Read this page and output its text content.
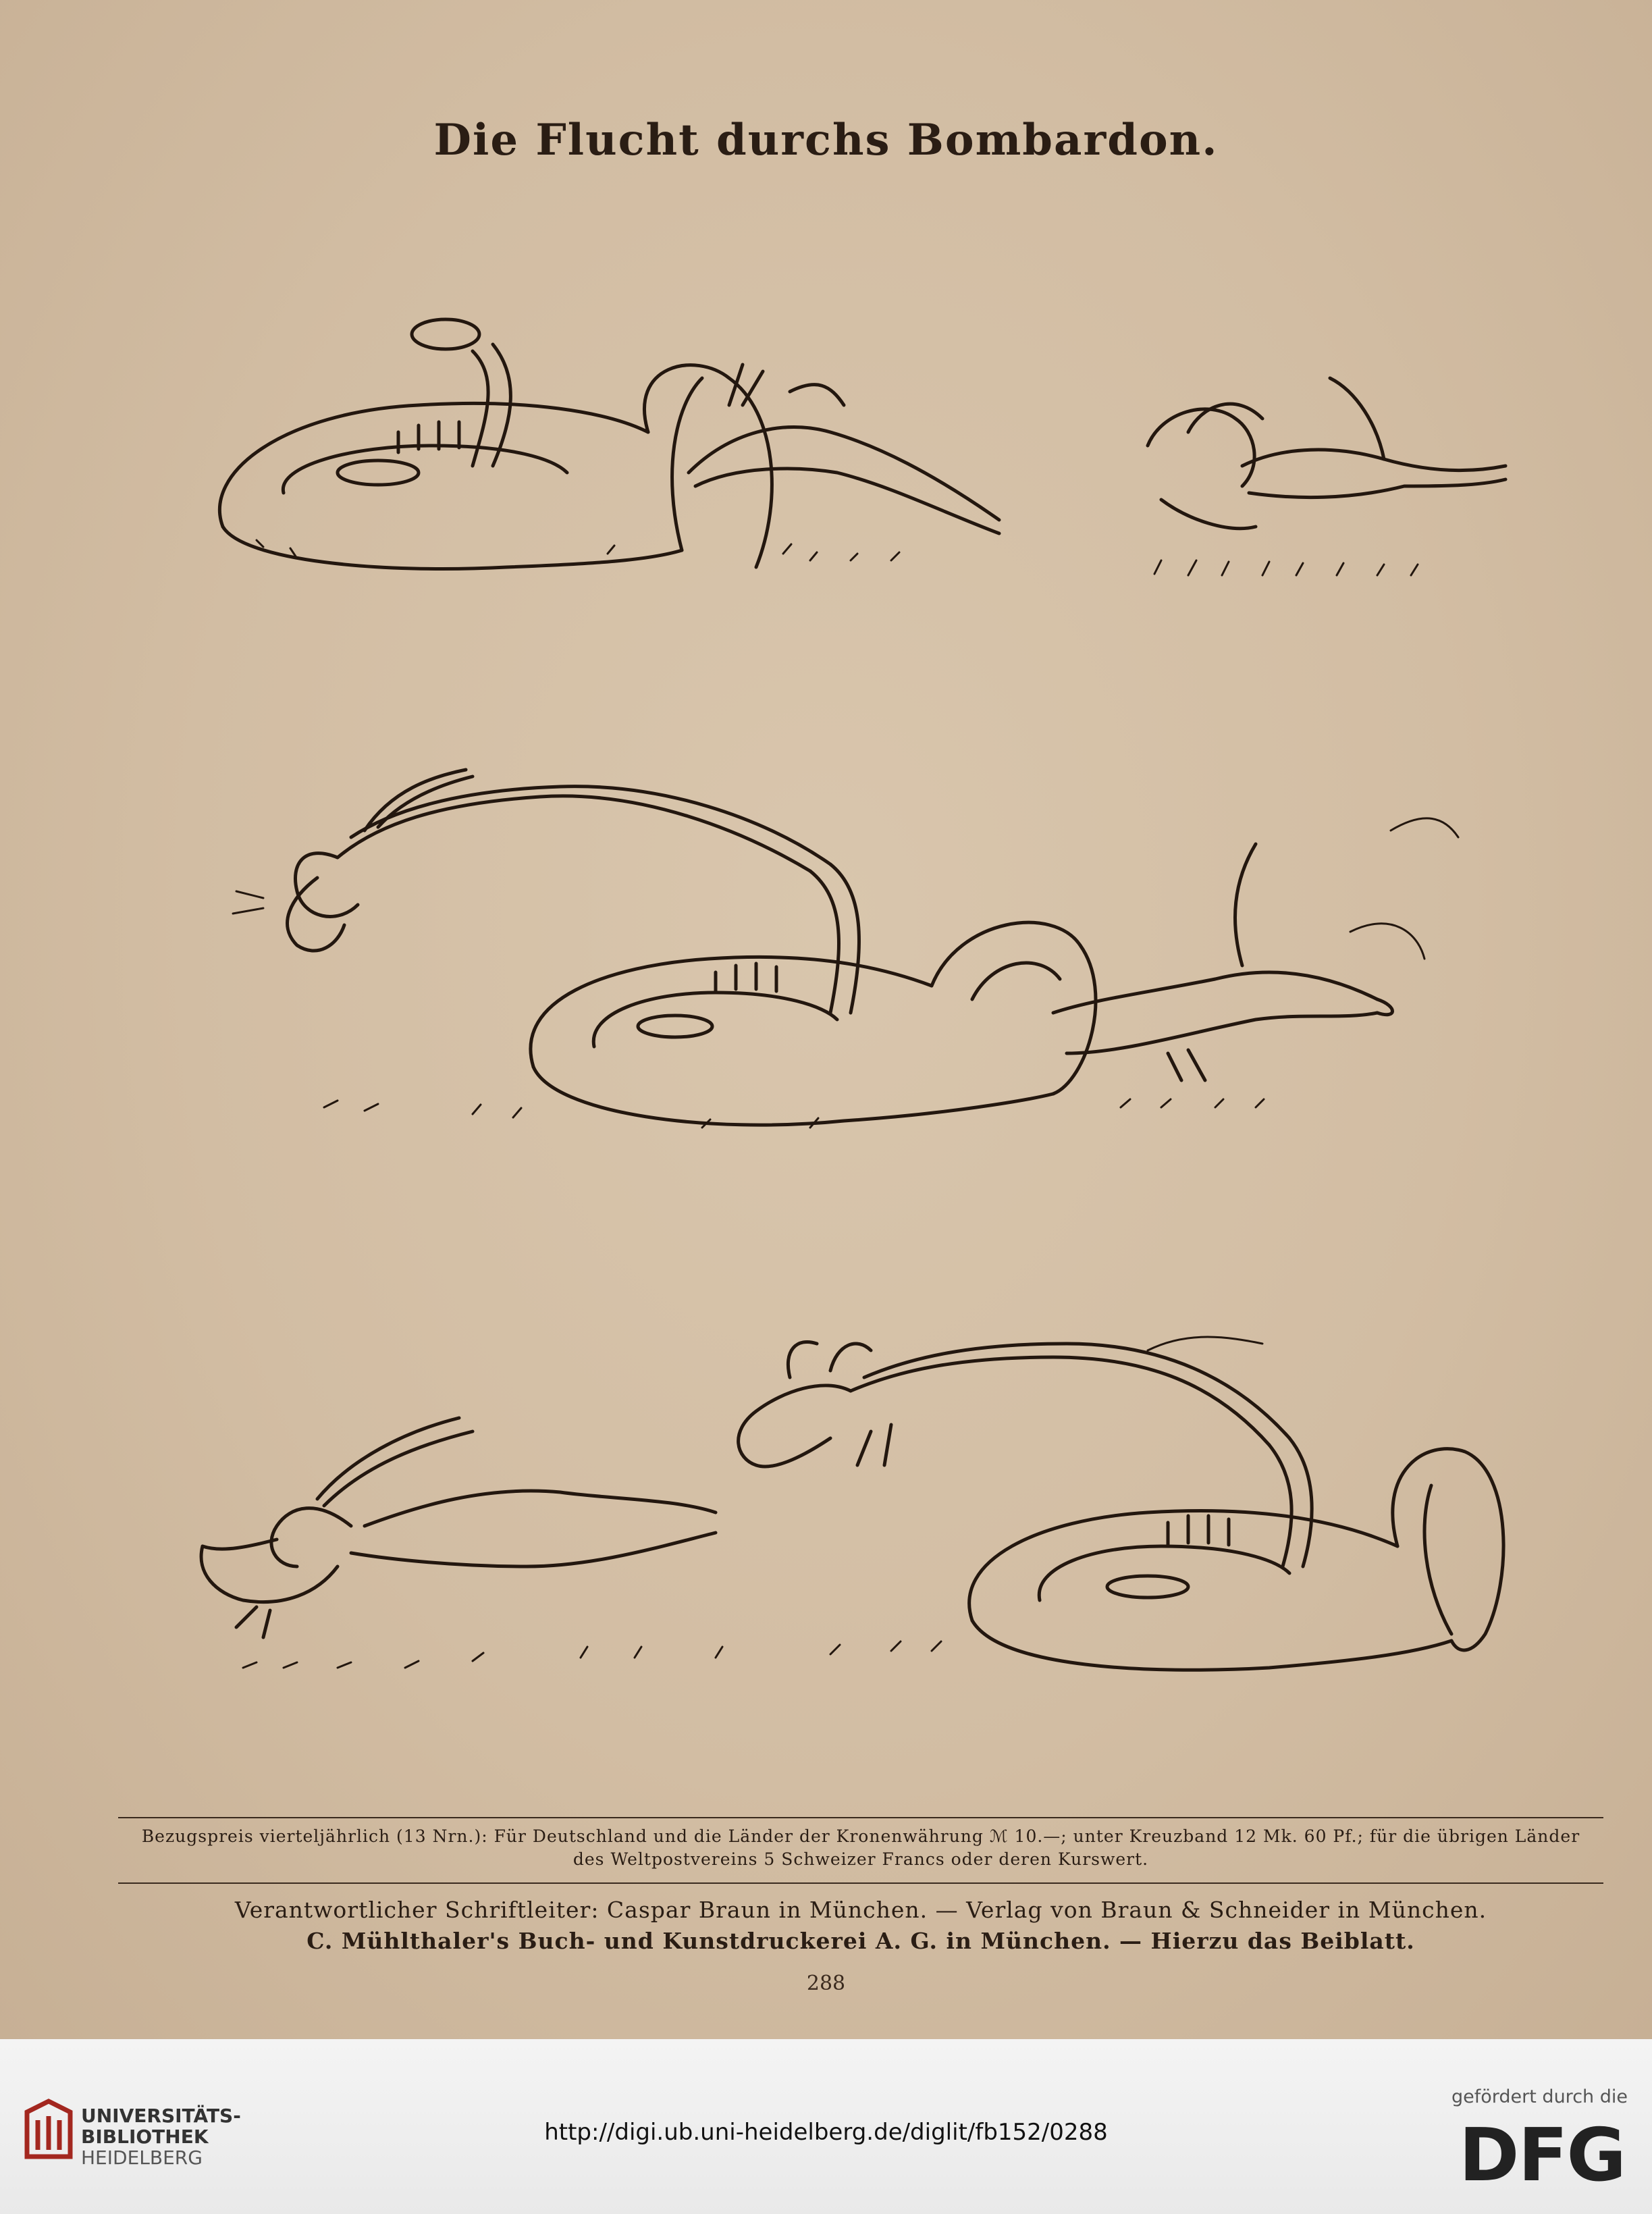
Die Flucht durchs Bombardon.
Bezugspreis vierteljährlich (13 Nrn.): Für Deutschland und die Länder der Kronenwährung ℳ 10.—; unter Kreuzband 12 Mk. 60 Pf.; für die übrigen Länder
des Weltpostvereins 5 Schweizer Francs oder deren Kurswert.
Verantwortlicher Schriftleiter: Caspar Braun in München. — Verlag von Braun & Schneider in München.
C. Mühlthaler's Buch- und Kunstdruckerei A. G. in München. — Hierzu das Beiblatt.
288
UNIVERSITÄTS-
BIBLIOTHEK
HEIDELBERG
http://digi.ub.uni-heidelberg.de/diglit/fb152/0288
gefördert durch die
DFG
